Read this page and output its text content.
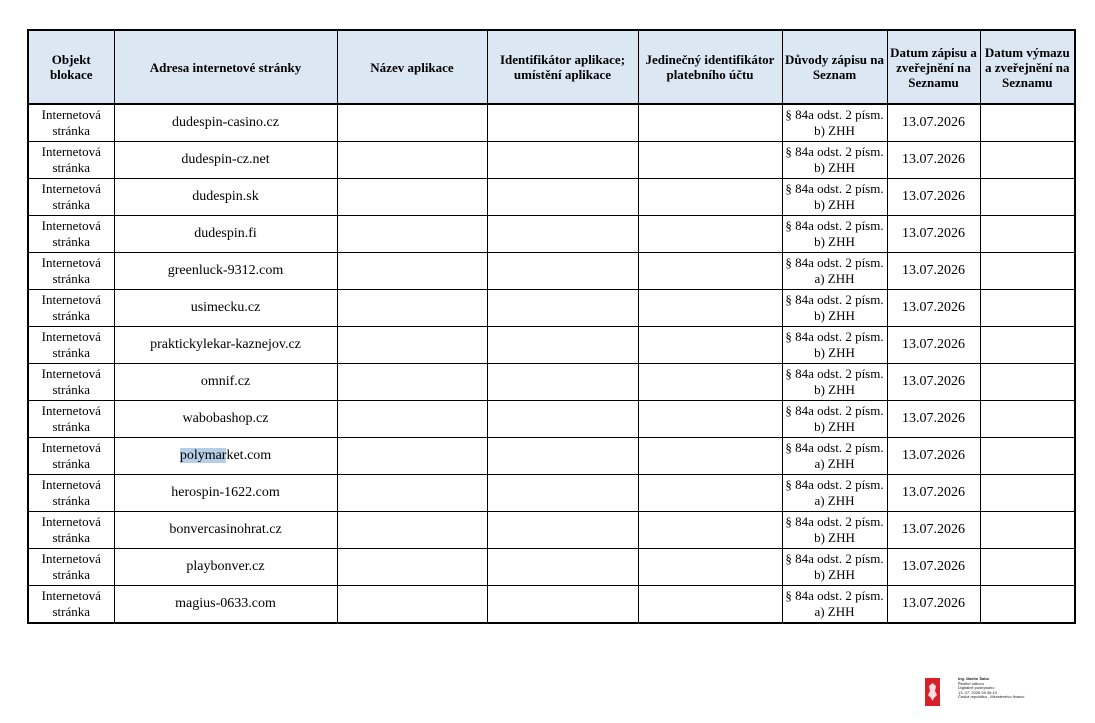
Objekt blokace	Adresa internetové stránky	Název aplikace	Identifikátor aplikace; umístění aplikace	Jedinečný identifikátor platebního účtu	Důvody zápisu na Seznam	Datum zápisu a zveřejnění na Seznamu	Datum výmazu a zveřejnění na Seznamu
Internetová stránka	dudespin-casino.cz				§ 84a odst. 2 písm. b) ZHH	13.07.2026	
Internetová stránka	dudespin-cz.net				§ 84a odst. 2 písm. b) ZHH	13.07.2026	
Internetová stránka	dudespin.sk				§ 84a odst. 2 písm. b) ZHH	13.07.2026	
Internetová stránka	dudespin.fi				§ 84a odst. 2 písm. b) ZHH	13.07.2026	
Internetová stránka	greenluck-9312.com				§ 84a odst. 2 písm. a) ZHH	13.07.2026	
Internetová stránka	usimecku.cz				§ 84a odst. 2 písm. b) ZHH	13.07.2026	
Internetová stránka	praktickylekar-kaznejov.cz				§ 84a odst. 2 písm. b) ZHH	13.07.2026	
Internetová stránka	omnif.cz				§ 84a odst. 2 písm. b) ZHH	13.07.2026	
Internetová stránka	wabobashop.cz				§ 84a odst. 2 písm. b) ZHH	13.07.2026	
Internetová stránka	polymarket.com				§ 84a odst. 2 písm. a) ZHH	13.07.2026	
Internetová stránka	herospin-1622.com				§ 84a odst. 2 písm. a) ZHH	13.07.2026	
Internetová stránka	bonvercasinohrat.cz				§ 84a odst. 2 písm. b) ZHH	13.07.2026	
Internetová stránka	playbonver.cz				§ 84a odst. 2 písm. b) ZHH	13.07.2026	
Internetová stránka	magius-0633.com				§ 84a odst. 2 písm. a) ZHH	13.07.2026	
Ing. Martin Šabo
Ředitel odboru
Digitálně podepsáno
13. 07. 2026 09:36:10
Česká republika - Ministerstvo financí
